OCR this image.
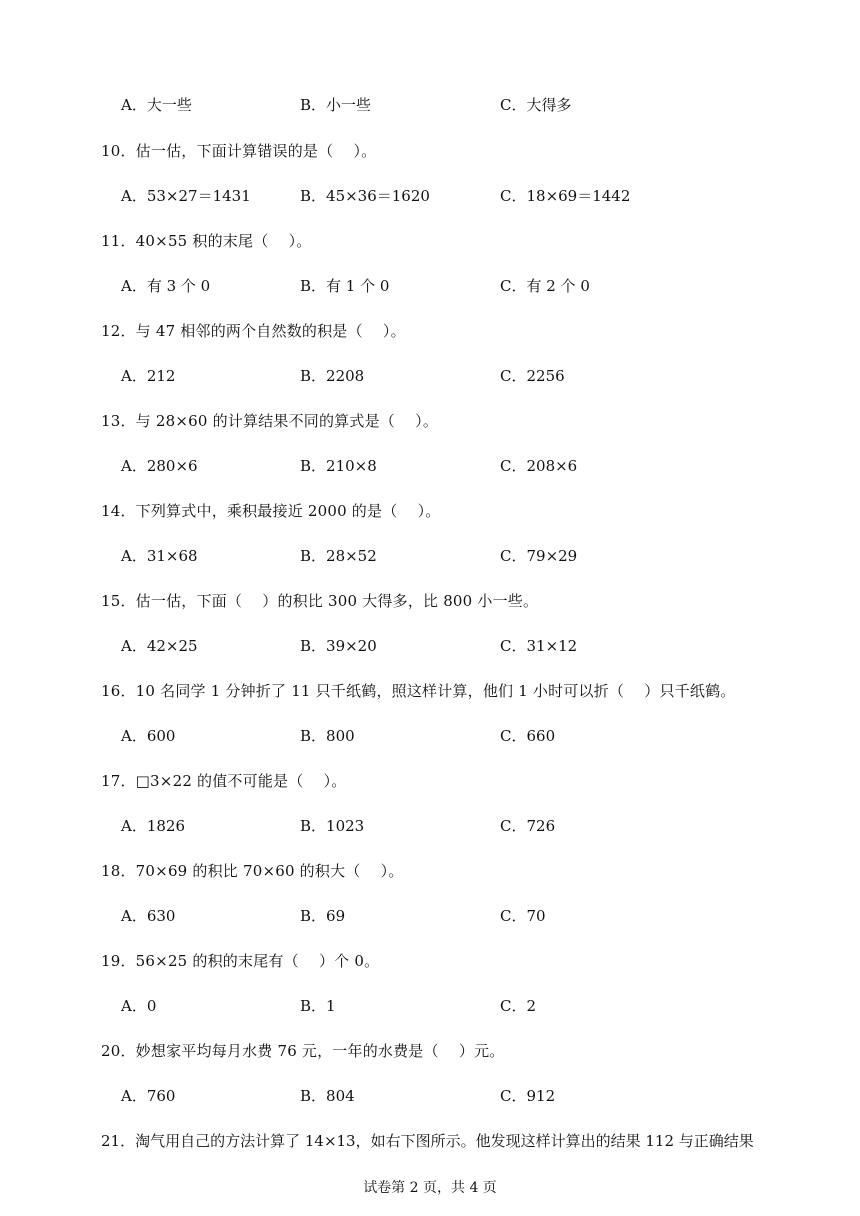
A．大一些	B．小一些	C．大得多
10．估一估，下面计算错误的是（　 ）。
A．53×27＝1431	B．45×36＝1620	C．18×69＝1442
11．40×55 积的末尾（　 ）。
A．有 3 个 0	B．有 1 个 0	C．有 2 个 0
12．与 47 相邻的两个自然数的积是（　 ）。
A．212	B．2208	C．2256
13．与 28×60 的计算结果不同的算式是（　 ）。
A．280×6	B．210×8	C．208×6
14．下列算式中，乘积最接近 2000 的是（　 ）。
A．31×68	B．28×52	C．79×29
15．估一估，下面（　 ）的积比 300 大得多，比 800 小一些。
A．42×25	B．39×20	C．31×12
16．10 名同学 1 分钟折了 11 只千纸鹤，照这样计算，他们 1 小时可以折（　 ）只千纸鹤。
A．600	B．800	C．660
17．□3×22 的值不可能是（　 ）。
A．1826	B．1023	C．726
18．70×69 的积比 70×60 的积大（　 ）。
A．630	B．69	C．70
19．56×25 的积的末尾有（　 ）个 0。
A．0	B．1	C．2
20．妙想家平均每月水费 76 元，一年的水费是（　 ）元。
A．760	B．804	C．912
21．淘气用自己的方法计算了 14×13，如右下图所示。他发现这样计算出的结果 112 与正确结果
试卷第 2 页，共 4 页
